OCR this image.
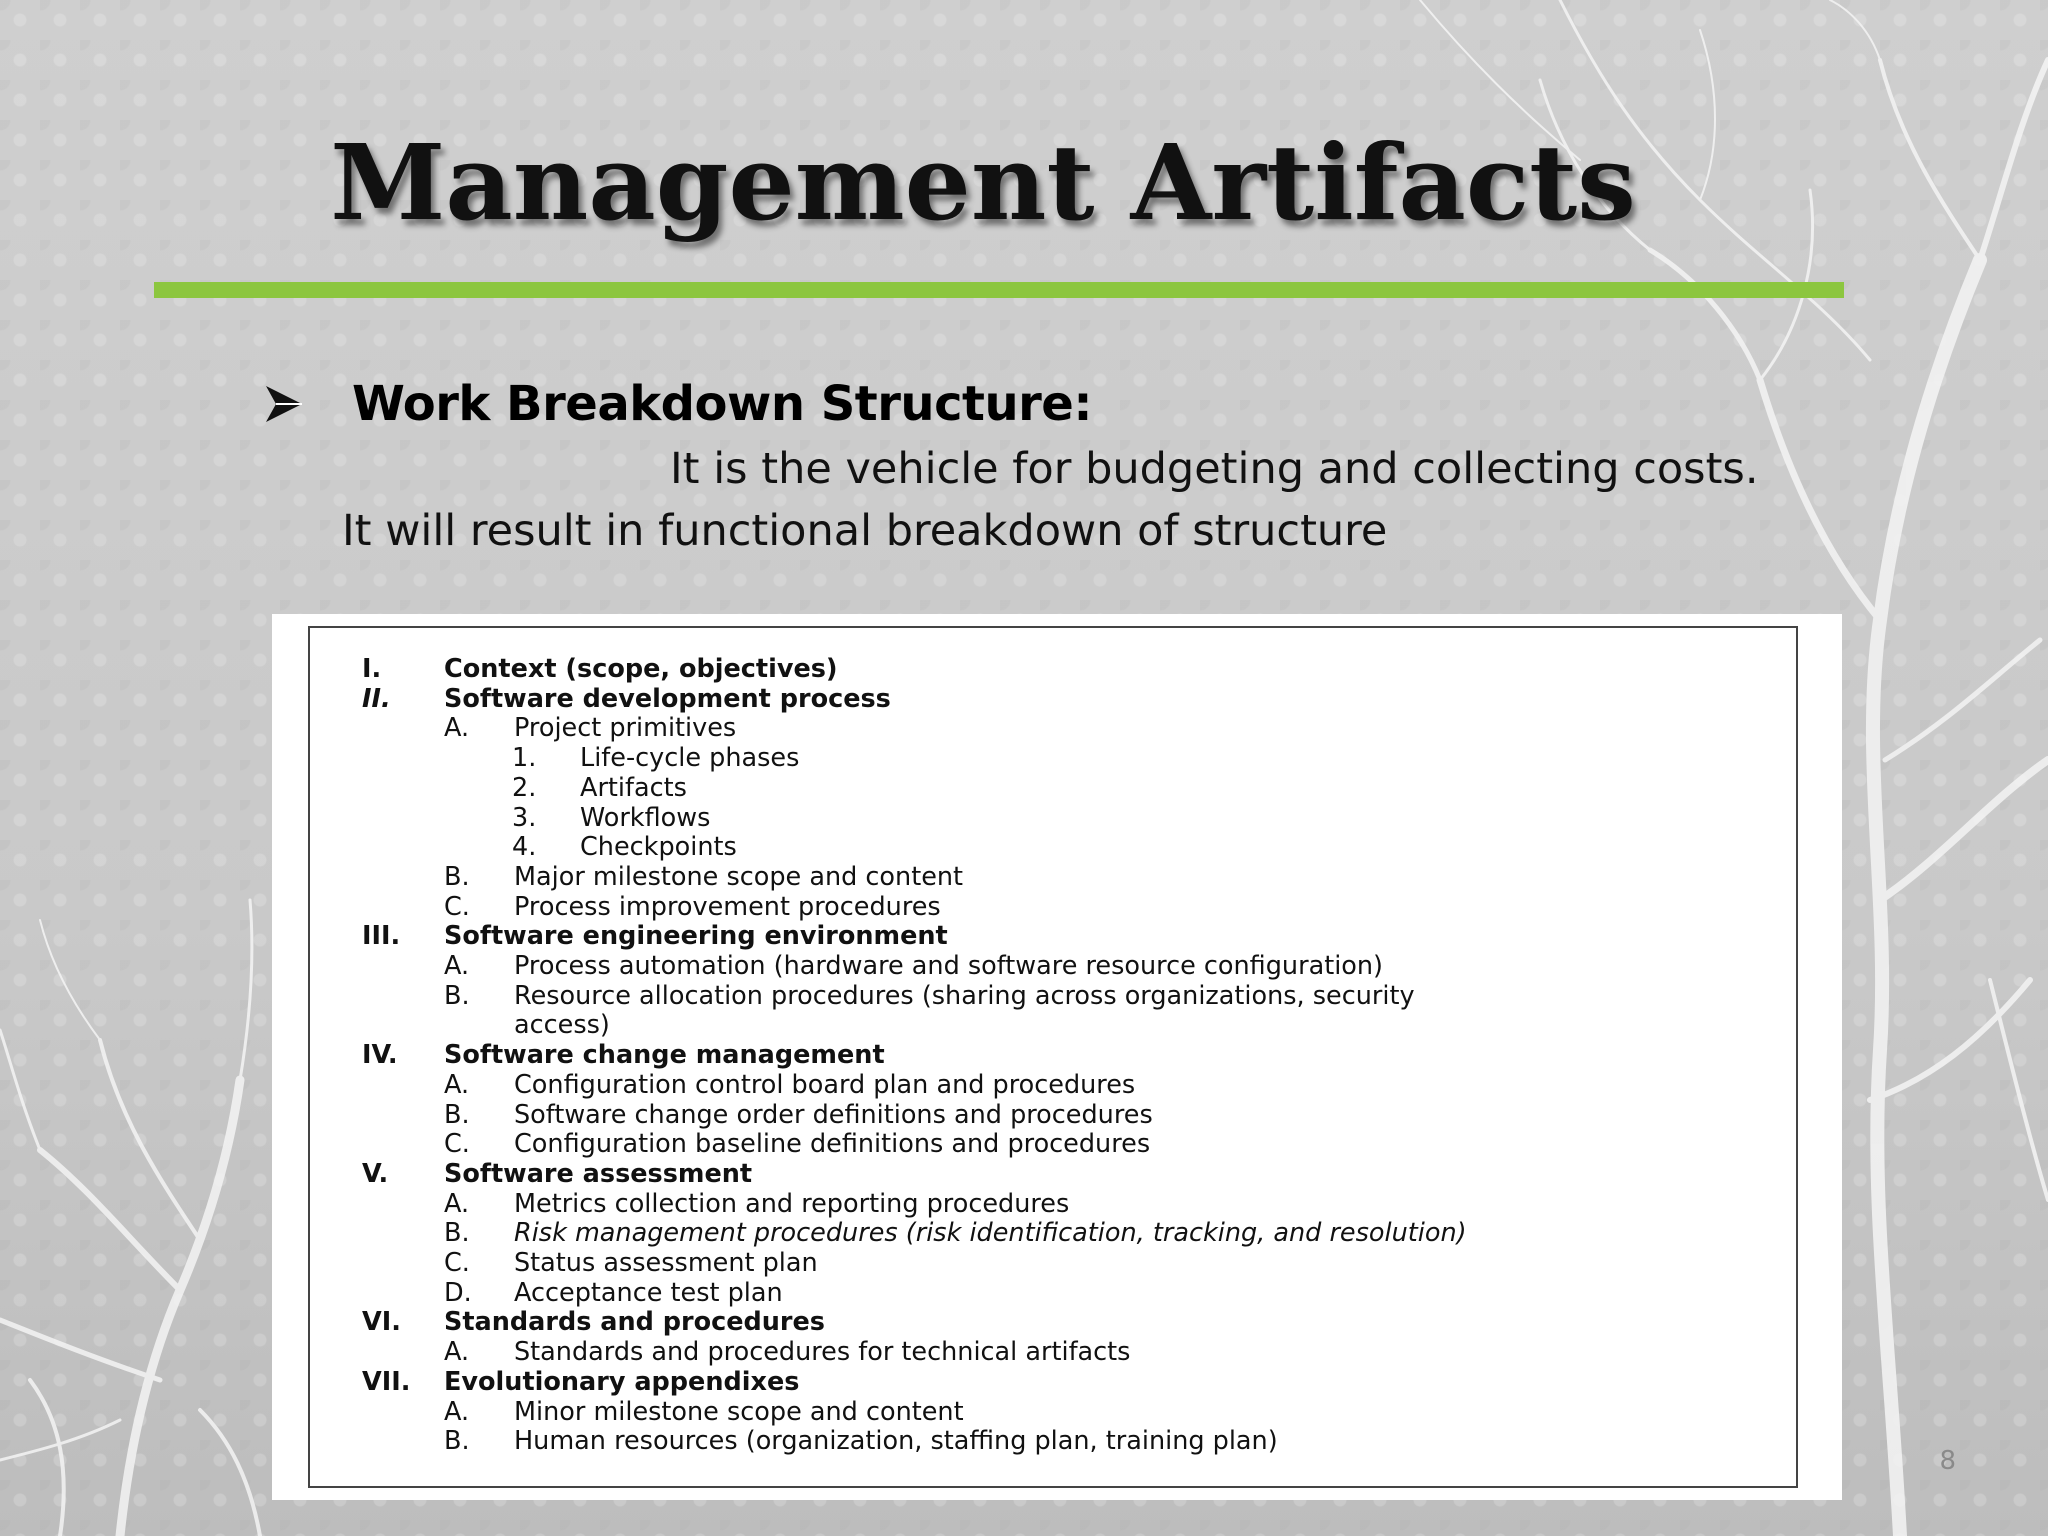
Management Artifacts
Work Breakdown Structure:

It is the vehicle for budgeting and collecting costs. It will result in functional breakdown of structure

I. Context (scope, objectives)
II. Software development process
A. Project primitives
1. Life-cycle phases
2. Artifacts
3. Workflows
4. Checkpoints
B. Major milestone scope and content
C. Process improvement procedures
III. Software engineering environment
A. Process automation (hardware and software resource configuration)
B. Resource allocation procedures (sharing across organizations, security
access)
IV. Software change management
A. Configuration control board plan and procedures
B. Software change order definitions and procedures
C. Configuration baseline definitions and procedures
V. Software assessment
A. Metrics collection and reporting procedures
B. Risk management procedures (risk identification, tracking, and resolution)
C. Status assessment plan
D. Acceptance test plan
VI. Standards and procedures
A. Standards and procedures for technical artifacts
VII. Evolutionary appendixes
A. Minor milestone scope and content
B. Human resources (organization, staffing plan, training plan)
8
